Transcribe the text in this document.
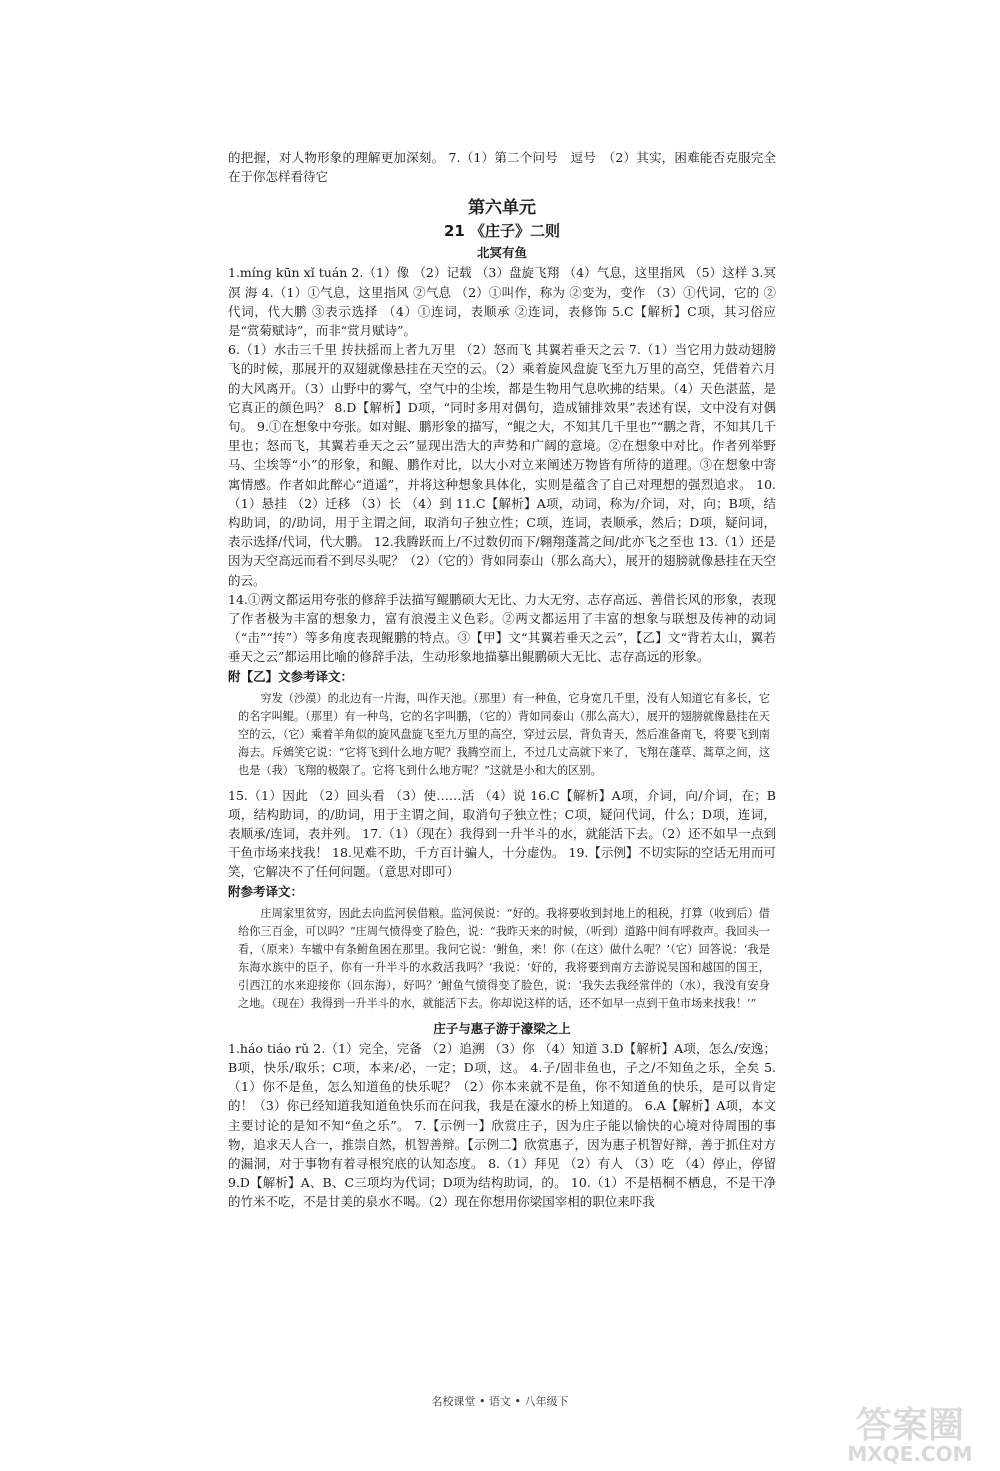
的把握，对人物形象的理解更加深刻。 7.（1）第二个问号　逗号　（2）其实，困难能否克服完全在于你怎样看待它

第六单元
21 《庄子》二则
北冥有鱼

1.míng kūn xǐ tuán 2.（1）像 （2）记载 （3）盘旋飞翔 （4）气息，这里指风 （5）这样 3.冥 溟 海 4.（1）①气息，这里指风 ②气息 （2）①叫作，称为 ②变为，变作 （3）①代词，它的 ②代词，代大鹏 ③表示选择 （4）①连词，表顺承 ②连词，表修饰 5.C【解析】C项，其习俗应是“赏菊赋诗”，而非“赏月赋诗”。

6.（1）水击三千里 抟扶摇而上者九万里 （2）怒而飞 其翼若垂天之云 7.（1）当它用力鼓动翅膀飞的时候，那展开的双翅就像悬挂在天空的云。（2）乘着旋风盘旋飞至九万里的高空，凭借着六月的大风离开。（3）山野中的雾气，空气中的尘埃，都是生物用气息吹拂的结果。（4）天色湛蓝，是它真正的颜色吗？ 8.D【解析】D项，“同时多用对偶句，造成铺排效果”表述有误，文中没有对偶句。 9.①在想象中夸张。如对鲲、鹏形象的描写，“鲲之大，不知其几千里也”“鹏之背，不知其几千里也；怒而飞，其翼若垂天之云”显现出浩大的声势和广阔的意境。②在想象中对比。作者列举野马、尘埃等“小”的形象，和鲲、鹏作对比，以大小对立来阐述万物皆有所待的道理。③在想象中寄寓情感。作者如此醉心“逍遥”，并将这种想象具体化，实则是蕴含了自己对理想的强烈追求。 10.（1）悬挂 （2）迁移 （3）长 （4）到 11.C【解析】A项，动词，称为/介词，对，向；B项，结构助词，的/助词，用于主谓之间，取消句子独立性；C项，连词，表顺承，然后；D项，疑问词，表示选择/代词，代大鹏。 12.我腾跃而上/不过数仞而下/翱翔蓬蒿之间/此亦飞之至也 13.（1）还是因为天空高远而看不到尽头呢？（2）（它的）背如同泰山（那么高大），展开的翅膀就像悬挂在天空的云。

14.①两文都运用夸张的修辞手法描写鲲鹏硕大无比、力大无穷、志存高远、善借长风的形象，表现了作者极为丰富的想象力，富有浪漫主义色彩。②两文都运用了丰富的想象与联想及传神的动词（“击”“抟”）等多角度表现鲲鹏的特点。③【甲】文“其翼若垂天之云”，【乙】文“背若太山，翼若垂天之云”都运用比喻的修辞手法，生动形象地描摹出鲲鹏硕大无比、志存高远的形象。

附【乙】文参考译文：

穷发（沙漠）的北边有一片海，叫作天池。（那里）有一种鱼，它身宽几千里，没有人知道它有多长，它的名字叫鲲。（那里）有一种鸟，它的名字叫鹏，（它的）背如同泰山（那么高大），展开的翅膀就像悬挂在天空的云，（它）乘着羊角似的旋风盘旋飞至九万里的高空，穿过云层，背负青天，然后准备南飞，将要飞到南海去。斥鴳笑它说：“它将飞到什么地方呢？我腾空而上，不过几丈高就下来了，飞翔在蓬草、蒿草之间，这也是（我）飞翔的极限了。它将飞到什么地方呢？”这就是小和大的区别。

15.（1）因此 （2）回头看 （3）使……活 （4）说 16.C【解析】A项，介词，向/介词，在；B项，结构助词，的/助词，用于主谓之间，取消句子独立性；C项，疑问代词，什么；D项，连词，表顺承/连词，表并列。 17.（1）（现在）我得到一升半斗的水，就能活下去。（2）还不如早一点到干鱼市场来找我！ 18.见难不助，千方百计骗人，十分虚伪。 19.【示例】不切实际的空话无用而可笑，它解决不了任何问题。（意思对即可）

附参考译文：

庄周家里贫穷，因此去向监河侯借粮。监河侯说：“好的。我将要收到封地上的租税，打算（收到后）借给你三百金，可以吗？”庄周气愤得变了脸色，说：“我昨天来的时候，（听到）道路中间有呼救声。我回头一看，（原来）车辙中有条鲋鱼困在那里。我问它说：‘鲋鱼，来！你（在这）做什么呢？’（它）回答说：‘我是东海水族中的臣子，你有一升半斗的水救活我吗？’我说：‘好的，我将要到南方去游说吴国和越国的国王，引西江的水来迎接你（回东海），好吗？’鲋鱼气愤得变了脸色，说：‘我失去我经常伴的（水），我没有安身之地。（现在）我得到一升半斗的水，就能活下去。你却说这样的话，还不如早一点到干鱼市场来找我！’”

庄子与惠子游于濠梁之上

1.háo tiáo rǔ 2.（1）完全，完备 （2）追溯 （3）你 （4）知道 3.D【解析】A项，怎么/安逸；B项，快乐/取乐；C项，本来/必，一定；D项，这。 4.子/固非鱼也，子之/不知鱼之乐，全矣 5.（1）你不是鱼，怎么知道鱼的快乐呢？（2）你本来就不是鱼，你不知道鱼的快乐，是可以肯定的！（3）你已经知道我知道鱼快乐而在问我，我是在濠水的桥上知道的。 6.A【解析】A项，本文主要讨论的是知不知“鱼之乐”。 7.【示例一】欣赏庄子，因为庄子能以愉快的心境对待周围的事物，追求天人合一，推崇自然，机智善辩。【示例二】欣赏惠子，因为惠子机智好辩，善于抓住对方的漏洞，对于事物有着寻根究底的认知态度。 8.（1）拜见 （2）有人 （3）吃 （4）停止，停留 9.D【解析】A、B、C三项均为代词；D项为结构助词，的。 10.（1）不是梧桐不栖息，不是干净的竹米不吃，不是甘美的泉水不喝。（2）现在你想用你梁国宰相的职位来吓我

名校课堂 • 语文 • 八年级下
答案圈
MXQE.COM
